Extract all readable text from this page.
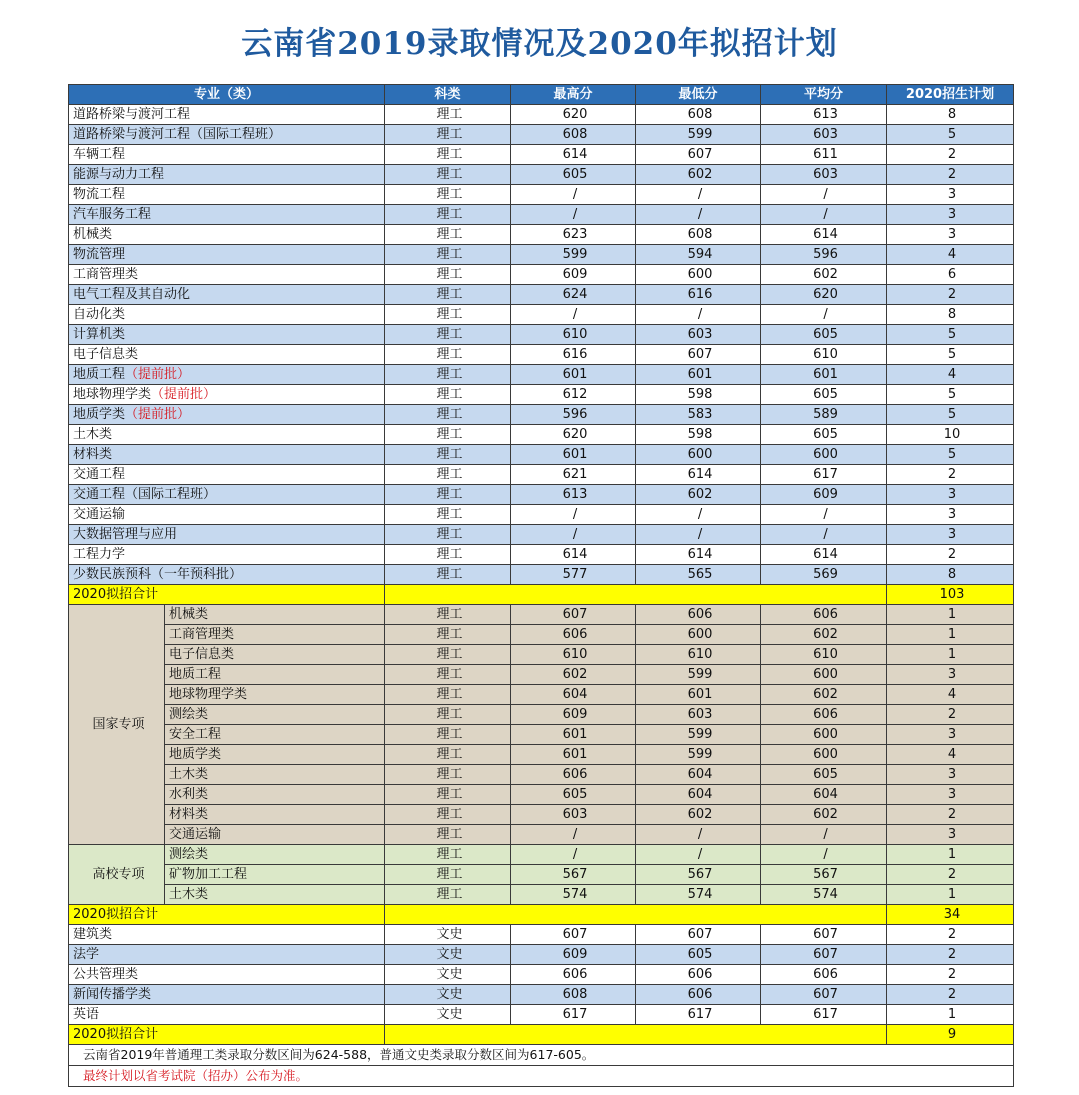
云南省2019录取情况及2020年拟招计划
专业（类）		科类	最高分	最低分	平均分	2020招生计划
道路桥梁与渡河工程		理工	620	608	613	8
道路桥梁与渡河工程（国际工程班）		理工	608	599	603	5
车辆工程		理工	614	607	611	2
能源与动力工程		理工	605	602	603	2
物流工程		理工	/	/	/	3
汽车服务工程		理工	/	/	/	3
机械类		理工	623	608	614	3
物流管理		理工	599	594	596	4
工商管理类		理工	609	600	602	6
电气工程及其自动化		理工	624	616	620	2
自动化类		理工	/	/	/	8
计算机类		理工	610	603	605	5
电子信息类		理工	616	607	610	5
地质工程（提前批）		理工	601	601	601	4
地球物理学类（提前批）		理工	612	598	605	5
地质学类（提前批）		理工	596	583	589	5
土木类		理工	620	598	605	10
材料类		理工	601	600	600	5
交通工程		理工	621	614	617	2
交通工程（国际工程班）		理工	613	602	609	3
交通运输		理工	/	/	/	3
大数据管理与应用		理工	/	/	/	3
工程力学		理工	614	614	614	2
少数民族预科（一年预科批）		理工	577	565	569	8
2020拟招合计						103
国家专项	机械类	理工	607	606	606	1
	工商管理类	理工	606	600	602	1
	电子信息类	理工	610	610	610	1
	地质工程	理工	602	599	600	3
	地球物理学类	理工	604	601	602	4
	测绘类	理工	609	603	606	2
	安全工程	理工	601	599	600	3
	地质学类	理工	601	599	600	4
	土木类	理工	606	604	605	3
	水利类	理工	605	604	604	3
	材料类	理工	603	602	602	2
	交通运输	理工	/	/	/	3
高校专项	测绘类	理工	/	/	/	1
	矿物加工工程	理工	567	567	567	2
	土木类	理工	574	574	574	1
2020拟招合计						34
建筑类		文史	607	607	607	2
法学		文史	609	605	607	2
公共管理类		文史	606	606	606	2
新闻传播学类		文史	608	606	607	2
英语		文史	617	617	617	1
2020拟招合计						9
云南省2019年普通理工类录取分数区间为624-588，普通文史类录取分数区间为617-605。						
最终计划以省考试院（招办）公布为准。						
